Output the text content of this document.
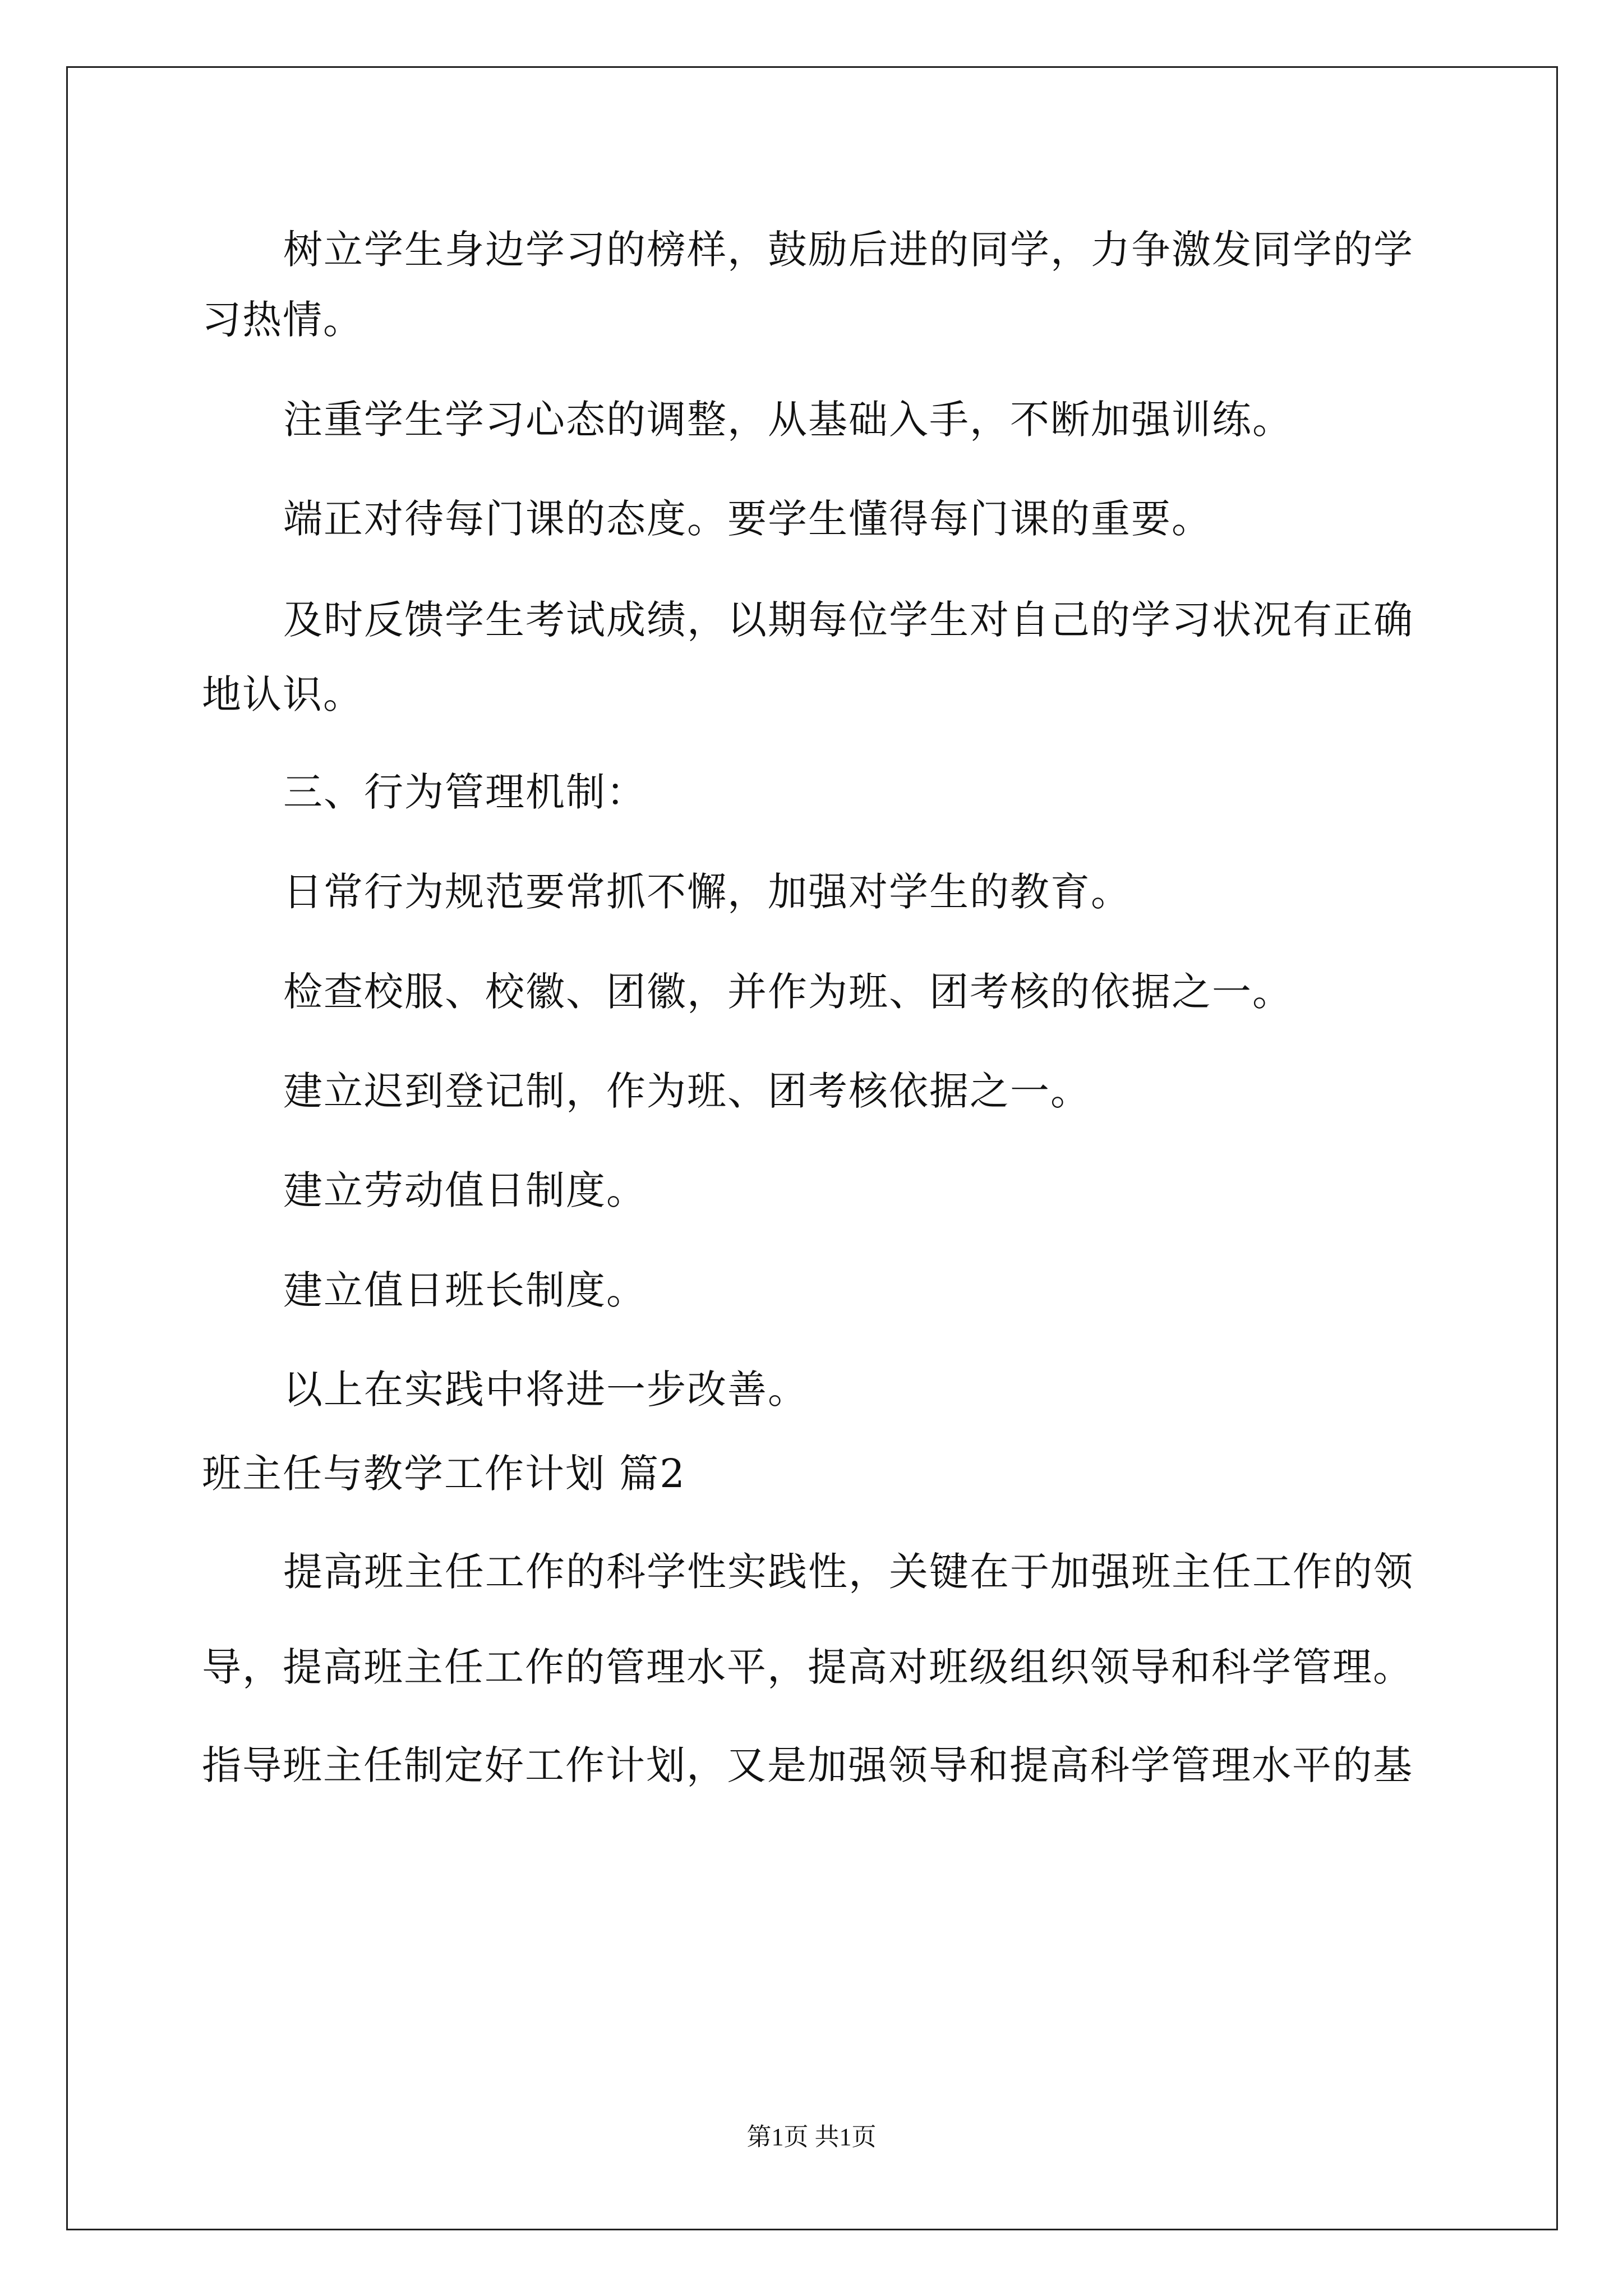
树立学生身边学习的榜样，鼓励后进的同学，力争激发同学的学
习热情。
注重学生学习心态的调整，从基础入手，不断加强训练。
端正对待每门课的态度。要学生懂得每门课的重要。
及时反馈学生考试成绩，以期每位学生对自己的学习状况有正确
地认识。
三、行为管理机制：
日常行为规范要常抓不懈，加强对学生的教育。
检查校服、校徽、团徽，并作为班、团考核的依据之一。
建立迟到登记制，作为班、团考核依据之一。
建立劳动值日制度。
建立值日班长制度。
以上在实践中将进一步改善。
班主任与教学工作计划 篇2
提高班主任工作的科学性实践性，关键在于加强班主任工作的领
导，提高班主任工作的管理水平，提高对班级组织领导和科学管理。
指导班主任制定好工作计划，又是加强领导和提高科学管理水平的基
第1页 共1页
